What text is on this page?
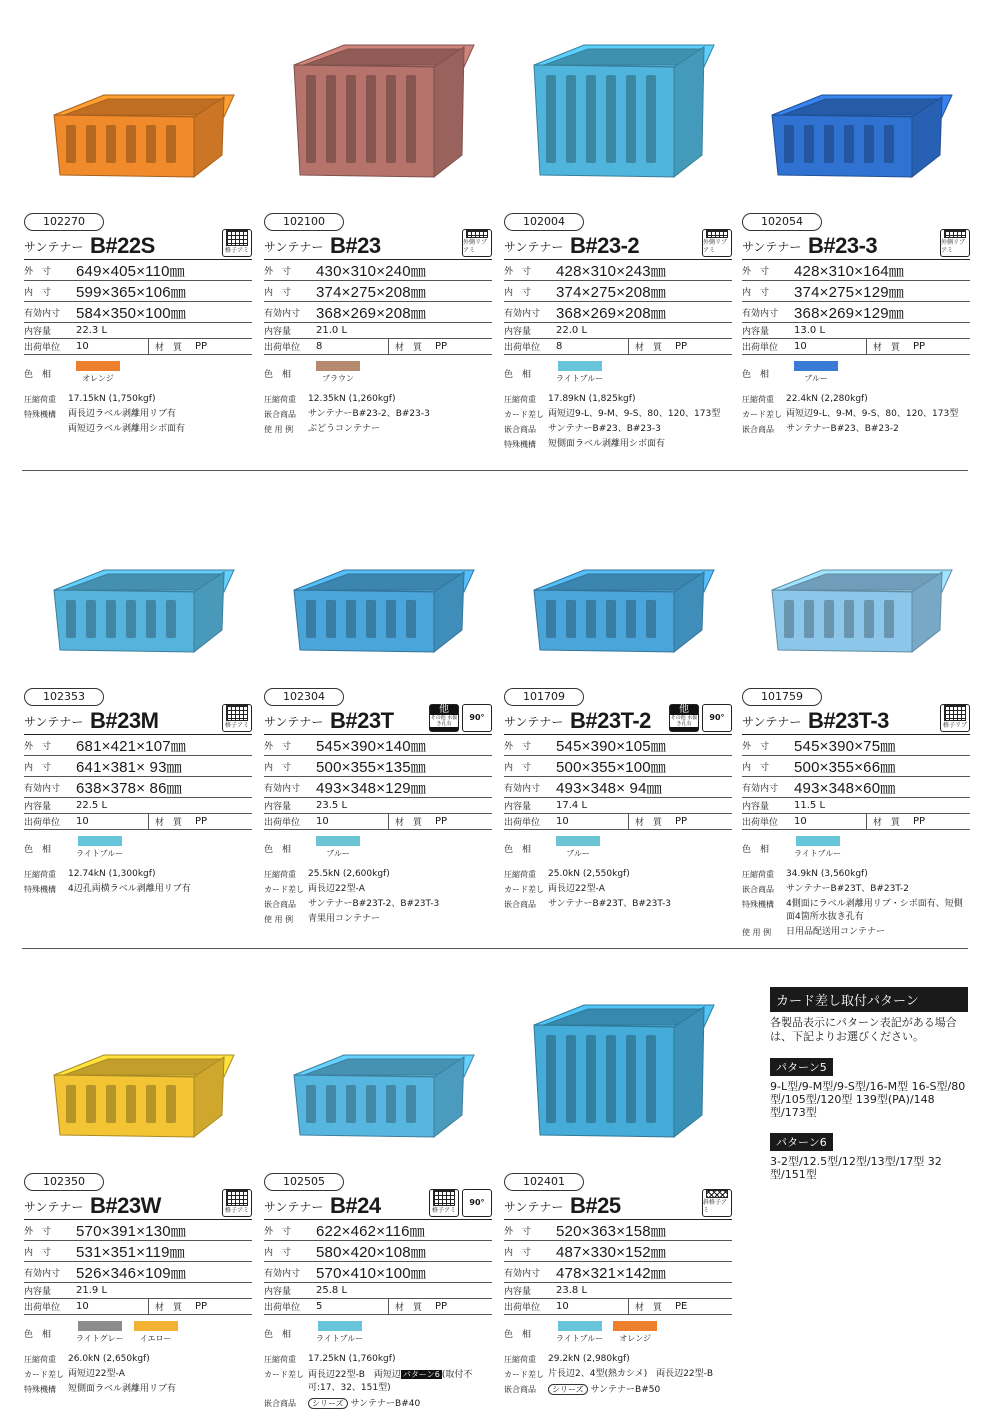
102270
サンテナー B#22S	格子アミ
外　寸	649×405×110㎜
内　寸	599×365×106㎜
有効内寸	584×350×100㎜
内容量	22.3 L
出荷単位	10	材　質	PP
色　相	オレンジ
圧縮荷重	17.15kN (1,750kgf)
特殊機構	両長辺ラベル剥離用リブ有
両短辺ラベル剥離用シボ面有
102100
サンテナー B#23	外側リブアミ
外　寸	430×310×240㎜
内　寸	374×275×208㎜
有効内寸	368×269×208㎜
内容量	21.0 L
出荷単位	8	材　質	PP
色　相	ブラウン
圧縮荷重	12.35kN (1,260kgf)
嵌合商品	サンテナーB#23-2、B#23-3
使 用 例	ぶどうコンテナー
102004
サンテナー B#23-2	外側リブアミ
外　寸	428×310×243㎜
内　寸	374×275×208㎜
有効内寸	368×269×208㎜
内容量	22.0 L
出荷単位	8	材　質	PP
色　相	ライトブルー
圧縮荷重	17.89kN (1,825kgf)
カード差し 両短辺9-L、9-M、9-S、80、120、173型
嵌合商品	サンテナーB#23、B#23-3
特殊機構	短側面ラベル剥離用シボ面有
102054
サンテナー B#23-3	外側リブアミ
外　寸	428×310×164㎜
内　寸	374×275×129㎜
有効内寸	368×269×129㎜
内容量	13.0 L
出荷単位	10	材　質	PP
色　相	ブルー
圧縮荷重	22.4kN (2,280kgf)
カード差し 両短辺9-L、9-M、9-S、80、120、173型
嵌合商品	サンテナーB#23、B#23-2
102353
サンテナー B#23M	格子アミ
外　寸	681×421×107㎜
内　寸	641×381× 93㎜
有効内寸	638×378× 86㎜
内容量	22.5 L
出荷単位	10	材　質	PP
色　相	ライトブルー
圧縮荷重	12.74kN (1,300kgf)
特殊機構	4辺孔両横ラベル剥離用リブ有
102304
サンテナー B#23T	他
その他 水抜き孔有
90°
外　寸	545×390×140㎜
内　寸	500×355×135㎜
有効内寸	493×348×129㎜
内容量	23.5 L
出荷単位	10	材　質	PP
色　相	ブルー
圧縮荷重	25.5kN (2,600kgf)
カード差し 両長辺22型-A
嵌合商品	サンテナーB#23T-2、B#23T-3
使 用 例	青果用コンテナー
101709
サンテナー B#23T-2	他
その他 水抜き孔有
90°
外　寸	545×390×105㎜
内　寸	500×355×100㎜
有効内寸	493×348× 94㎜
内容量	17.4 L
出荷単位	10	材　質	PP
色　相	ブルー
圧縮荷重	25.0kN (2,550kgf)
カード差し 両長辺22型-A
嵌合商品	サンテナーB#23T、B#23T-3
101759
サンテナー B#23T-3	格子リブ
外　寸	545×390×75㎜
内　寸	500×355×66㎜
有効内寸	493×348×60㎜
内容量	11.5 L
出荷単位	10	材　質	PP
色　相	ライトブルー
圧縮荷重	34.9kN (3,560kgf)
嵌合商品	サンテナーB#23T、B#23T-2
特殊機構	4側面にラベル剥離用リブ・シボ面有、短側面4箇所水抜き孔有
使 用 例	日用品配送用コンテナー
102350
サンテナー B#23W	格子アミ
外　寸	570×391×130㎜
内　寸	531×351×119㎜
有効内寸	526×346×109㎜
内容量	21.9 L
出荷単位	10	材　質	PP
色　相	ライトグレー イエロー
圧縮荷重	26.0kN (2,650kgf)
カード差し 両短辺22型-A
特殊機構	短側面ラベル剥離用リブ有
102505
サンテナー B#24	格子アミ
90°
外　寸	622×462×116㎜
内　寸	580×420×108㎜
有効内寸	570×410×100㎜
内容量	25.8 L
出荷単位	5	材　質	PP
色　相	ライトブルー
圧縮荷重	17.25kN (1,760kgf)
カード差し 両長辺22型-B　両短辺 パターン6 (取付不可:17、32、151型)
嵌合商品	シリーズ サンテナーB#40
102401
サンテナー B#25	斜格子アミ
外　寸	520×363×158㎜
内　寸	487×330×152㎜
有効内寸	478×321×142㎜
内容量	23.8 L
出荷単位	10	材　質	PE
色　相	ライトブルー オレンジ
圧縮荷重	29.2kN (2,980kgf)
カード差し 片長辺2、4型(熱カシメ)　両長辺22型-B
嵌合商品	シリーズ サンテナーB#50
カード差し取付パターン
各製品表示にパターン表記がある場合は、下記よりお選びください。
パターン5
9-L型/9-M型/9-S型/16-M型 16-S型/80型/105型/120型 139型(PA)/148型/173型
パターン6
3-2型/12.5型/12型/13型/17型 32型/151型
